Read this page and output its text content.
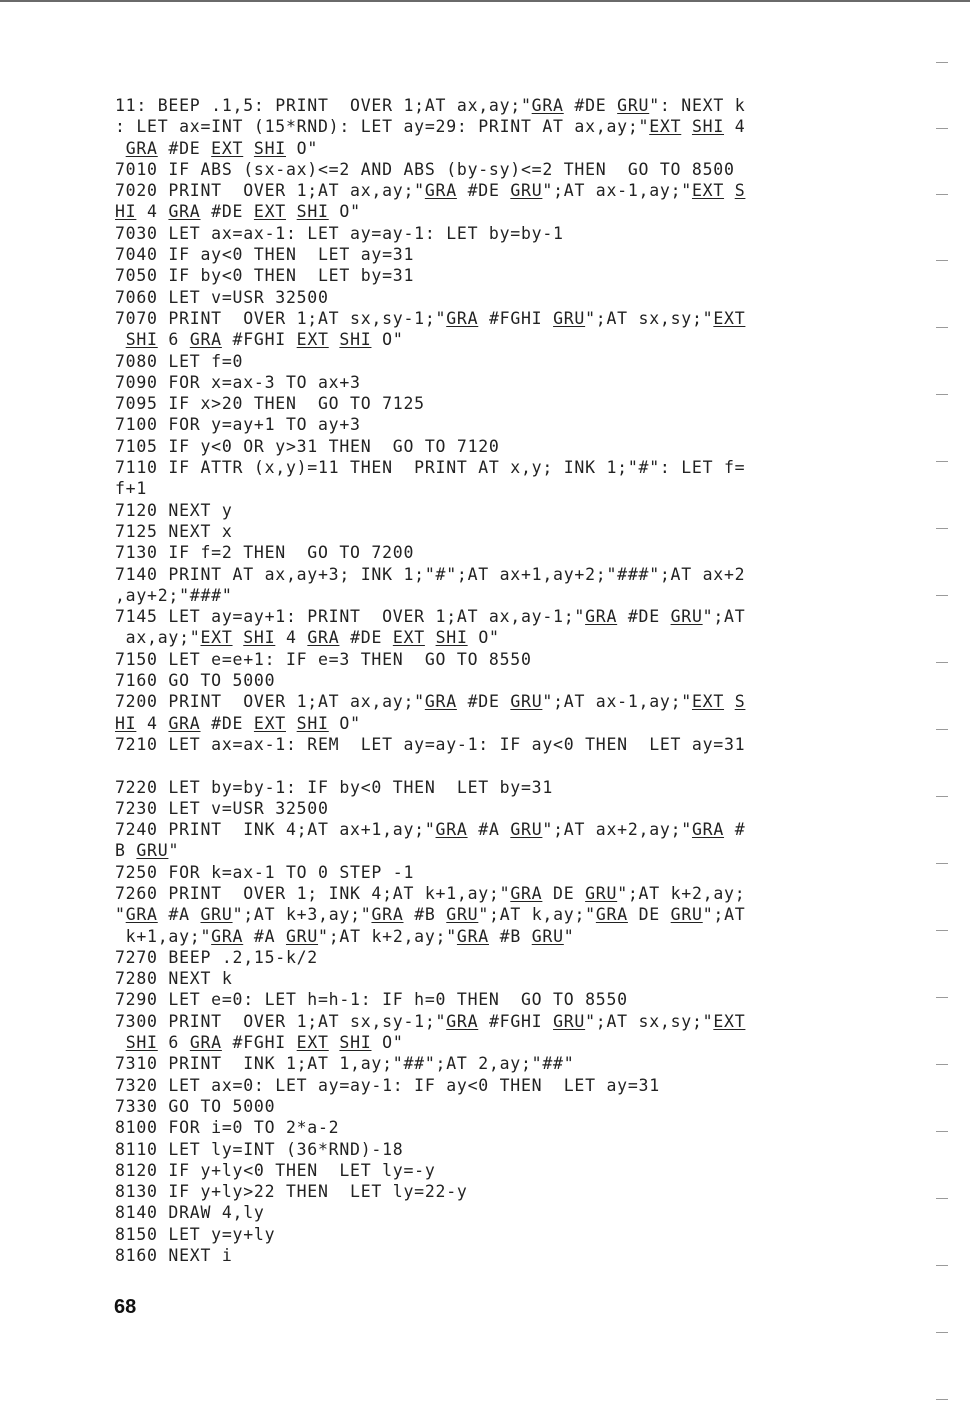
11: BEEP .1,5: PRINT  OVER 1;AT ax,ay;"GRA #DE GRU": NEXT k
: LET ax=INT (15*RND): LET ay=29: PRINT AT ax,ay;"EXT SHI 4
GRA #DE EXT SHI O"
7010 IF ABS (sx-ax)<=2 AND ABS (by-sy)<=2 THEN  GO TO 8500
7020 PRINT  OVER 1;AT ax,ay;"GRA #DE GRU";AT ax-1,ay;"EXT S
HI 4 GRA #DE EXT SHI O"
7030 LET ax=ax-1: LET ay=ay-1: LET by=by-1
7040 IF ay<0 THEN  LET ay=31
7050 IF by<0 THEN  LET by=31
7060 LET v=USR 32500
7070 PRINT  OVER 1;AT sx,sy-1;"GRA #FGHI GRU";AT sx,sy;"EXT
SHI 6 GRA #FGHI EXT SHI O"
7080 LET f=0
7090 FOR x=ax-3 TO ax+3
7095 IF x>20 THEN  GO TO 7125
7100 FOR y=ay+1 TO ay+3
7105 IF y<0 OR y>31 THEN  GO TO 7120
7110 IF ATTR (x,y)=11 THEN  PRINT AT x,y; INK 1;"#": LET f=
f+1
7120 NEXT y
7125 NEXT x
7130 IF f=2 THEN  GO TO 7200
7140 PRINT AT ax,ay+3; INK 1;"#";AT ax+1,ay+2;"###";AT ax+2
,ay+2;"###"
7145 LET ay=ay+1: PRINT  OVER 1;AT ax,ay-1;"GRA #DE GRU";AT
ax,ay;"EXT SHI 4 GRA #DE EXT SHI O"
7150 LET e=e+1: IF e=3 THEN  GO TO 8550
7160 GO TO 5000
7200 PRINT  OVER 1;AT ax,ay;"GRA #DE GRU";AT ax-1,ay;"EXT S
HI 4 GRA #DE EXT SHI O"
7210 LET ax=ax-1: REM  LET ay=ay-1: IF ay<0 THEN  LET ay=31

7220 LET by=by-1: IF by<0 THEN  LET by=31
7230 LET v=USR 32500
7240 PRINT  INK 4;AT ax+1,ay;"GRA #A GRU";AT ax+2,ay;"GRA #
B GRU"
7250 FOR k=ax-1 TO 0 STEP -1
7260 PRINT  OVER 1; INK 4;AT k+1,ay;"GRA DE GRU";AT k+2,ay;
"GRA #A GRU";AT k+3,ay;"GRA #B GRU";AT k,ay;"GRA DE GRU";AT
k+1,ay;"GRA #A GRU";AT k+2,ay;"GRA #B GRU"
7270 BEEP .2,15-k/2
7280 NEXT k
7290 LET e=0: LET h=h-1: IF h=0 THEN  GO TO 8550
7300 PRINT  OVER 1;AT sx,sy-1;"GRA #FGHI GRU";AT sx,sy;"EXT
SHI 6 GRA #FGHI EXT SHI O"
7310 PRINT  INK 1;AT 1,ay;"##";AT 2,ay;"##"
7320 LET ax=0: LET ay=ay-1: IF ay<0 THEN  LET ay=31
7330 GO TO 5000
8100 FOR i=0 TO 2*a-2
8110 LET ly=INT (36*RND)-18
8120 IF y+ly<0 THEN  LET ly=-y
8130 IF y+ly>22 THEN  LET ly=22-y
8140 DRAW 4,ly
8150 LET y=y+ly
8160 NEXT i
68
